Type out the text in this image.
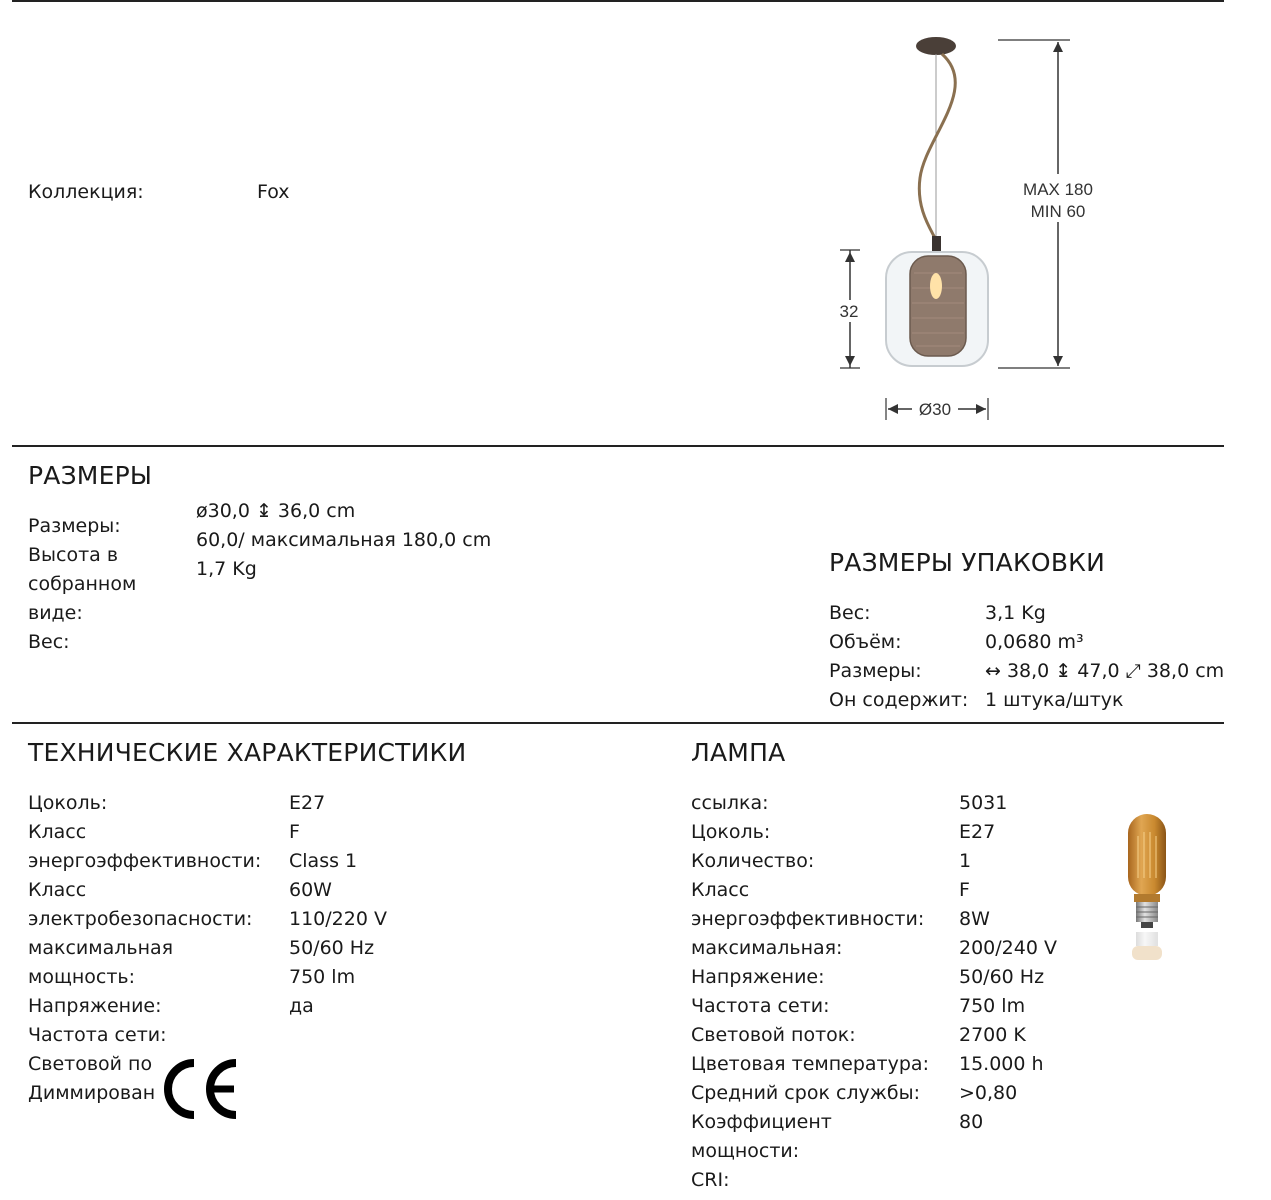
Коллекция:	Fox
32
Ø30
MAX 180
MIN 60
РАЗМЕРЫ
Размеры:
Высота в
собранном
виде:
Вес:
ø30,0 ↨ 36,0 cm
60,0/ максимальная 180,0 cm
1,7 Kg	РАЗМЕРЫ УПАКОВКИ
Вес:
Объём:
Размеры:
Он содержит:
3,1 Kg
0,0680 m³
↔ 38,0 ↨ 47,0 ⤢ 38,0 cm
1 штука/штук
ТЕХНИЧЕСКИЕ ХАРАКТЕРИСТИКИ
Цоколь:
Класс
энергоэффективности:
Класс
электробезопасности:
максимальная
мощность:
Напряжение:
Частота сети:
Световой по
Диммирован
E27
F
Class 1
60W
110/220 V
50/60 Hz
750 lm
да
ЛАМПА
ссылка:
Цоколь:
Количество:
Класс
энергоэффективности:
максимальная:
Напряжение:
Частота сети:
Световой поток:
Цветовая температура:
Средний срок службы:
Коэффициент
мощности:
CRI:
5031
E27
1
F
8W
200/240 V
50/60 Hz
750 lm
2700 K
15.000 h
>0,80
80
